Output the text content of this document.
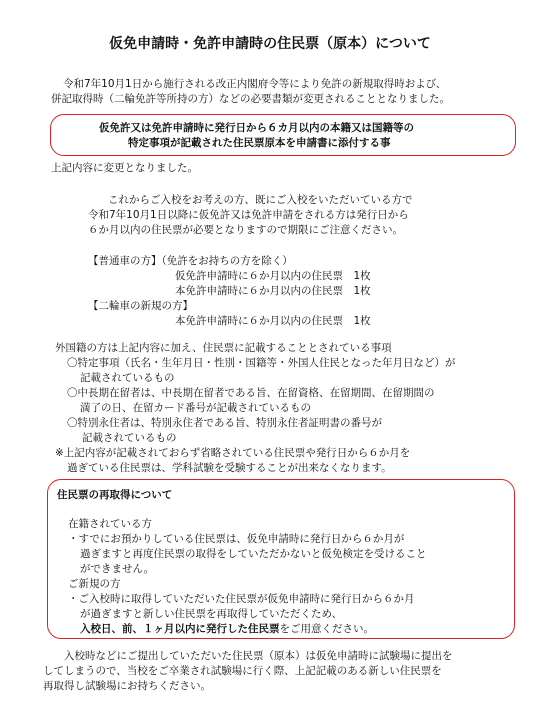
仮免申請時・免許申請時の住民票（原本）について
令和7年10月1日から施行される改正内閣府令等により免許の新規取得時および、
併記取得時（二輪免許等所持の方）などの必要書類が変更されることとなりました。
仮免許又は免許申請時に発行日から６カ月以内の本籍又は国籍等の
特定事項が記載された住民票原本を申請書に添付する事
上記内容に変更となりました。
これからご入校をお考えの方、既にご入校をいただいている方で
令和7年10月1日以降に仮免許又は免許申請をされる方は発行日から
６か月以内の住民票が必要となりますので期限にご注意ください。
【普通車の方】（免許をお持ちの方を除く）
仮免許申請時に６か月以内の住民票　1枚
本免許申請時に６か月以内の住民票　1枚
【二輪車の新規の方】
本免許申請時に６か月以内の住民票　1枚
外国籍の方は上記内容に加え、住民票に記載することとされている事項
〇特定事項（氏名・生年月日・性別・国籍等・外国人住民となった年月日など）が
記載されているもの
〇中長期在留者は、中長期在留者である旨、在留資格、在留期間、在留期間の
満了の日、在留カード番号が記載されているもの
〇特別永住者は、特別永住者である旨、特別永住者証明書の番号が
記載されているもの
※上記内容が記載されておらず省略されている住民票や発行日から６か月を
過ぎている住民票は、学科試験を受験することが出来なくなります。
住民票の再取得について
在籍されている方
・すでにお預かりしている住民票は、仮免申請時に発行日から６か月が
過ぎますと再度住民票の取得をしていただかないと仮免検定を受けること
ができません。
ご新規の方
・ご入校時に取得していただいた住民票が仮免申請時に発行日から６か月
が過ぎますと新しい住民票を再取得していただくため、
入校日、前、１ヶ月以内に発行した住民票をご用意ください。
入校時などにご提出していただいた住民票（原本）は仮免申請時に試験場に提出を
してしまうので、当校をご卒業され試験場に行く際、上記記載のある新しい住民票を
再取得し試験場にお持ちください。
